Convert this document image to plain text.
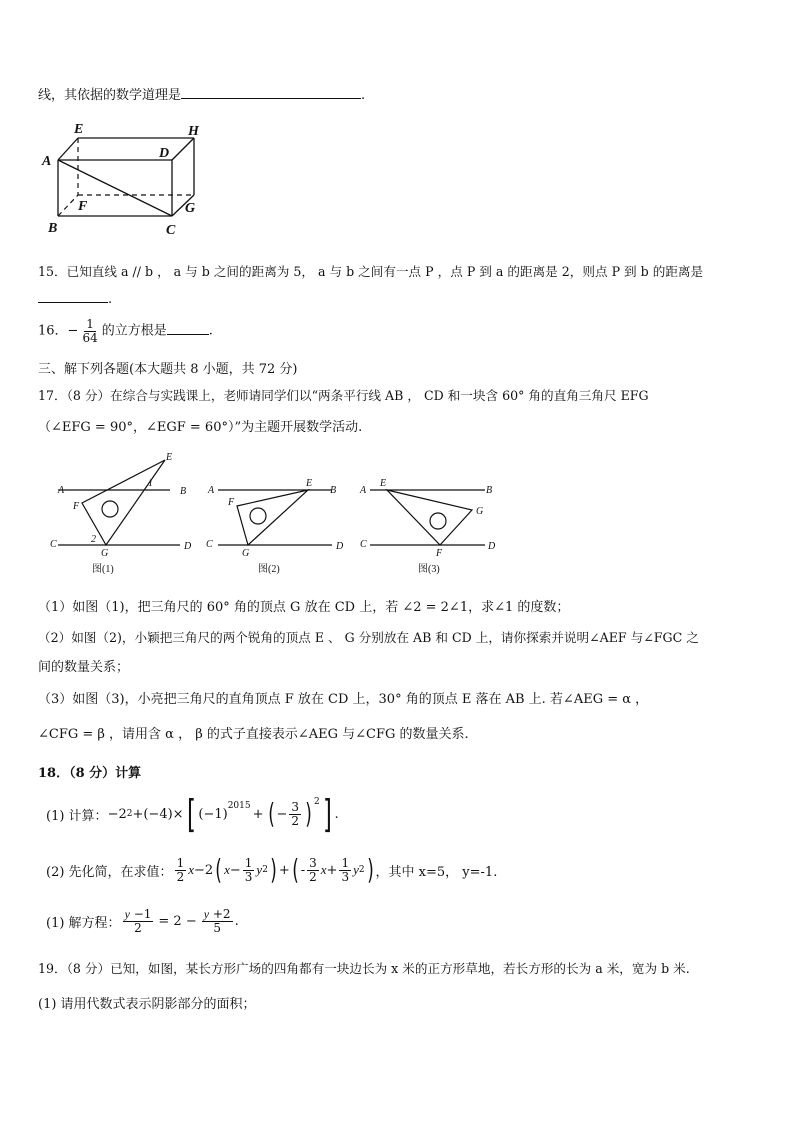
线，其依据的数学道理是	.
E	H
A
D
F	G
B	C
15．已知直线 a // b ， a 与 b 之间的距离为 5， a 与 b 之间有一点 P ，点 P 到 a 的距离是 2，则点 P 到 b 的距离是
.
16．− $\frac{1}{64}$ 的立方根是	.
三、解下列各题(本大题共 8 小题，共 72 分)
17．（8 分）在综合与实践课上，老师请同学们以“两条平行线 AB ， CD 和一块含 60° 角的直角三角尺 EFG
（∠EFG = 90°，∠EGF = 60°）”为主题开展数学活动.
E
A
1
B
F
C	2
G
D
A
E
B
F
C
G
D
A
E
B
G
C
F
D
图(1)	图(2)	图(3)
（1）如图（1)，把三角尺的 60° 角的顶点 G 放在 CD 上，若 ∠2 = 2∠1，求∠1 的度数；
（2）如图（2)，小颖把三角尺的两个锐角的顶点 E 、 G 分别放在 AB 和 CD 上，请你探索并说明∠AEF 与∠FGC 之
间的数量关系；
（3）如图（3)，小亮把三角尺的直角顶点 F 放在 CD 上，30° 角的顶点 E 落在 AB 上. 若∠AEG = α ，
∠CFG = β ，请用含 α ， β 的式子直接表示∠AEG 与∠CFG 的数量关系.
18．（8 分）计算
(1) 计算： −2 2 +(−4)× [ (−1)
$^{2015}$
+ ( − $\frac{3}{2} )^2$ ] .
(2) 先化简，在求值： $\frac{1}{2}$ x −2 ( $x - \frac{1}{3}$ y 2 ) + ( - $\frac{3}{2}$ $x + \frac{1}{3}$ y 2 ) ，其中 x=5， y=-1.
(1) 解方程： $\frac{y -1}{2} = 2 - \frac{y +2}{5}$ .
19．（8 分）已知，如图，某长方形广场的四角都有一块边长为 x 米的正方形草地，若长方形的长为 a 米，宽为 b 米.
(1) 请用代数式表示阴影部分的面积；
